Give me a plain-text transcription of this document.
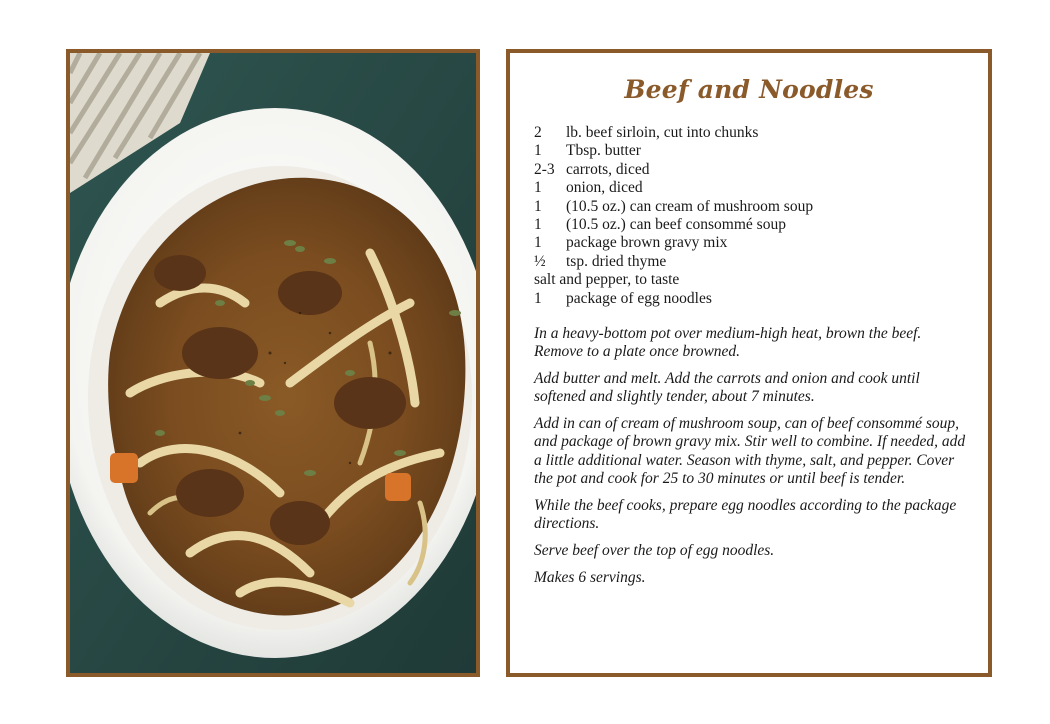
Beef and Noodles
2	lb. beef sirloin, cut into chunks
1	Tbsp. butter
2-3 carrots, diced
1	onion, diced
1	(10.5 oz.) can cream of mushroom soup
1	(10.5 oz.) can beef consommé soup
1	package brown gravy mix
½	tsp. dried thyme
salt and pepper, to taste
1	package of egg noodles

In a heavy-bottom pot over medium-high heat, brown the beef. Remove to a plate once browned.

Add butter and melt. Add the carrots and onion and cook until softened and slightly tender, about 7 minutes.

Add in can of cream of mushroom soup, can of beef consommé soup, and package of brown gravy mix. Stir well to combine. If needed, add a little additional water. Season with thyme, salt, and pepper. Cover the pot and cook for 25 to 30 minutes or until beef is tender.

While the beef cooks, prepare egg noodles according to the package directions.

Serve beef over the top of egg noodles.

Makes 6 servings.
